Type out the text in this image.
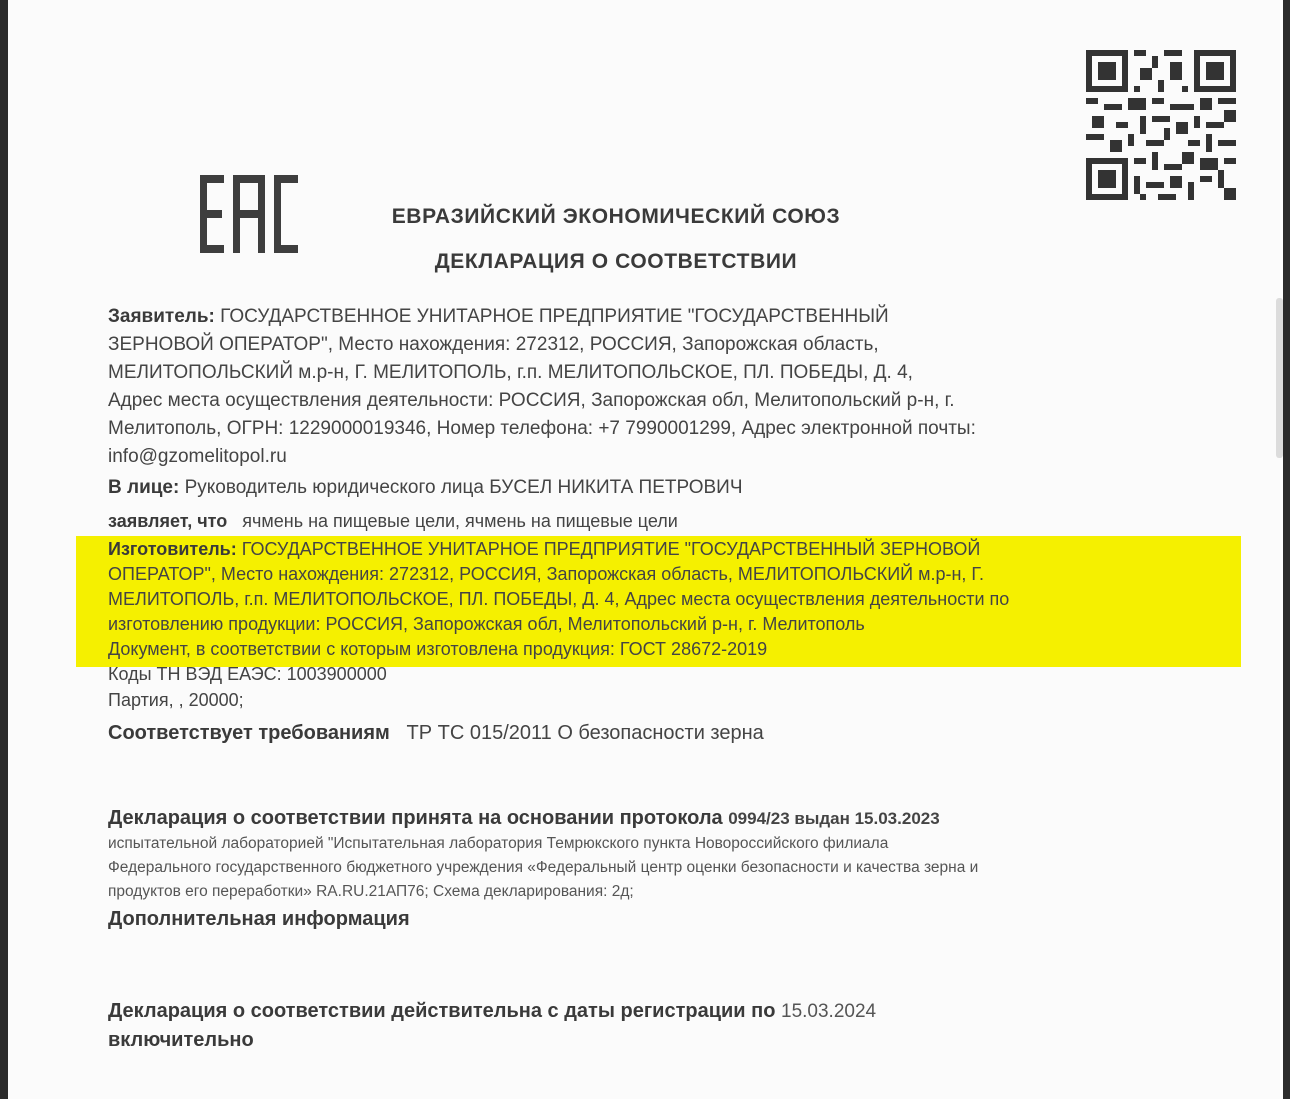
ЕВРАЗИЙСКИЙ ЭКОНОМИЧЕСКИЙ СОЮЗ
ДЕКЛАРАЦИЯ О СООТВЕТСТВИИ
Заявитель: ГОСУДАРСТВЕННОЕ УНИТАРНОЕ ПРЕДПРИЯТИЕ "ГОСУДАРСТВЕННЫЙ
ЗЕРНОВОЙ ОПЕРАТОР", Место нахождения: 272312, РОССИЯ, Запорожская область,
МЕЛИТОПОЛЬСКИЙ м.р-н, Г. МЕЛИТОПОЛЬ, г.п. МЕЛИТОПОЛЬСКОЕ, ПЛ. ПОБЕДЫ, Д. 4,
Адрес места осуществления деятельности: РОССИЯ, Запорожская обл, Мелитопольский р-н, г.
Мелитополь, ОГРН: 1229000019346, Номер телефона: +7 7990001299, Адрес электронной почты:
info@gzomelitopol.ru
В лице: Руководитель юридического лица БУСЕЛ НИКИТА ПЕТРОВИЧ
заявляет, что ячмень на пищевые цели, ячмень на пищевые цели
Изготовитель: ГОСУДАРСТВЕННОЕ УНИТАРНОЕ ПРЕДПРИЯТИЕ "ГОСУДАРСТВЕННЫЙ ЗЕРНОВОЙ
ОПЕРАТОР", Место нахождения: 272312, РОССИЯ, Запорожская область, МЕЛИТОПОЛЬСКИЙ м.р-н, Г.
МЕЛИТОПОЛЬ, г.п. МЕЛИТОПОЛЬСКОЕ, ПЛ. ПОБЕДЫ, Д. 4, Адрес места осуществления деятельности по
изготовлению продукции: РОССИЯ, Запорожская обл, Мелитопольский р-н, г. Мелитополь
Документ, в соответствии с которым изготовлена продукция: ГОСТ 28672-2019
Коды ТН ВЭД ЕАЭС: 1003900000
Партия, , 20000;
Соответствует требованиям ТР ТС 015/2011 О безопасности зерна
Декларация о соответствии принята на основании протокола 0994/23 выдан 15.03.2023
испытательной лабораторией "Испытательная лаборатория Темрюкского пункта Новороссийского филиала
Федерального государственного бюджетного учреждения «Федеральный центр оценки безопасности и качества зерна и
продуктов его переработки» RA.RU.21АП76; Схема декларирования: 2д;
Дополнительная информация
Декларация о соответствии действительна с даты регистрации по 15.03.2024
включительно
